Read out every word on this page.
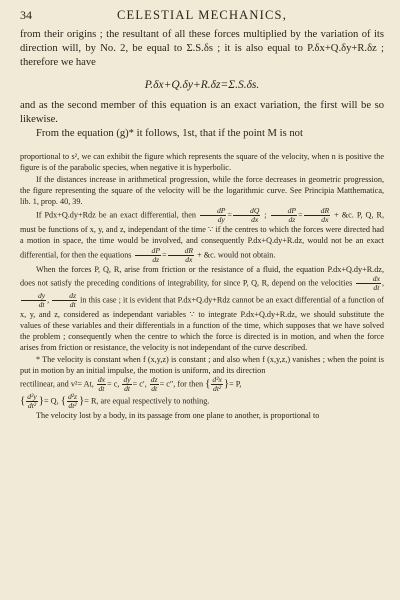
34	CELESTIAL MECHANICS,

from their origins ; the resultant of all these forces multiplied by the variation of its direction will, by No. 2, be equal to Σ.S.δs ; it is also equal to P.δx+Q.δy+R.δz ; therefore we have

P.δx+Q.δy+R.δz=Σ.S.δs.

and as the second member of this equation is an exact variation, the first will be so likewise.

From the equation (g)* it follows, 1st, that if the point M is not

proportional to s², we can exhibit the figure which represents the square of the velocity, when n is positive the figure is of the parabolic species, when negative it is hyperbolic.

If the distances increase in arithmetical progression, while the force decreases in geometric progression, the figure representing the square of the velocity will be the logarithmic curve. See Principia Matthematica, lib. 1, prop. 40, 39.

If Pdx+Q.dy+Rdz be an exact differential, then $\frac{dP}{dy} = \frac{dQ}{dx}$ ; $\frac{dP}{dz} = \frac{dR}{dx}$ + &c. P, Q, R, must be functions of x, y, and z, independant of the time ∵ if the centres to which the forces were directed had a motion in space, the time would be involved, and consequently P.dx+Q.dy+R.dz, would not be an exact differential, for then the equations $\frac{dP}{dz} = \frac{dR}{dx}$ + &c. would not obtain.

When the forces P, Q, R, arise from friction or the resistance of a fluid, the equation P.dx+Q.dy+R.dz, does not satisfy the preceding conditions of integrability, for since P, Q, R, depend on the velocities $\frac{dx}{dt}$ ,
$\frac{dy}{dt}$ , $\frac{dz}{dt}$ in this case ; it is evident that P.dx+Q.dy+Rdz cannot be an exact differential of a function of x, y, and z, considered as independant variables ∵ to integrate P.dx+Q.dy+R.dz, we should substitute the values of these variables and their differentials in a function of the time, which supposes that we have solved the problem ; consequently when the centre to which the force is directed is in motion, and when the force arises from friction or resistance, the velocity is not independant of the curve described.

* The velocity is constant when f (x,y,z) is constant ; and also when f (x,y,z,) vanishes ; when the point is put in motion by an initial impulse, the motion is uniform, and its direction

rectilinear, and v²= At, $\frac{dx}{dt} = c$, $\frac{dy}{dt} = c'$, $\frac{dz}{dt} = c''$, for then { $\frac{\text{d²x}}{\text{dt²}}$ }= P,

{ $\frac{\text{d²y}}{\text{dt²}}$ }= Q, { $\frac{\text{d²z}}{\text{dt²}}$ }= R, are equal respectively to nothing.

The velocity lost by a body, in its passage from one plane to another, is proportional to
